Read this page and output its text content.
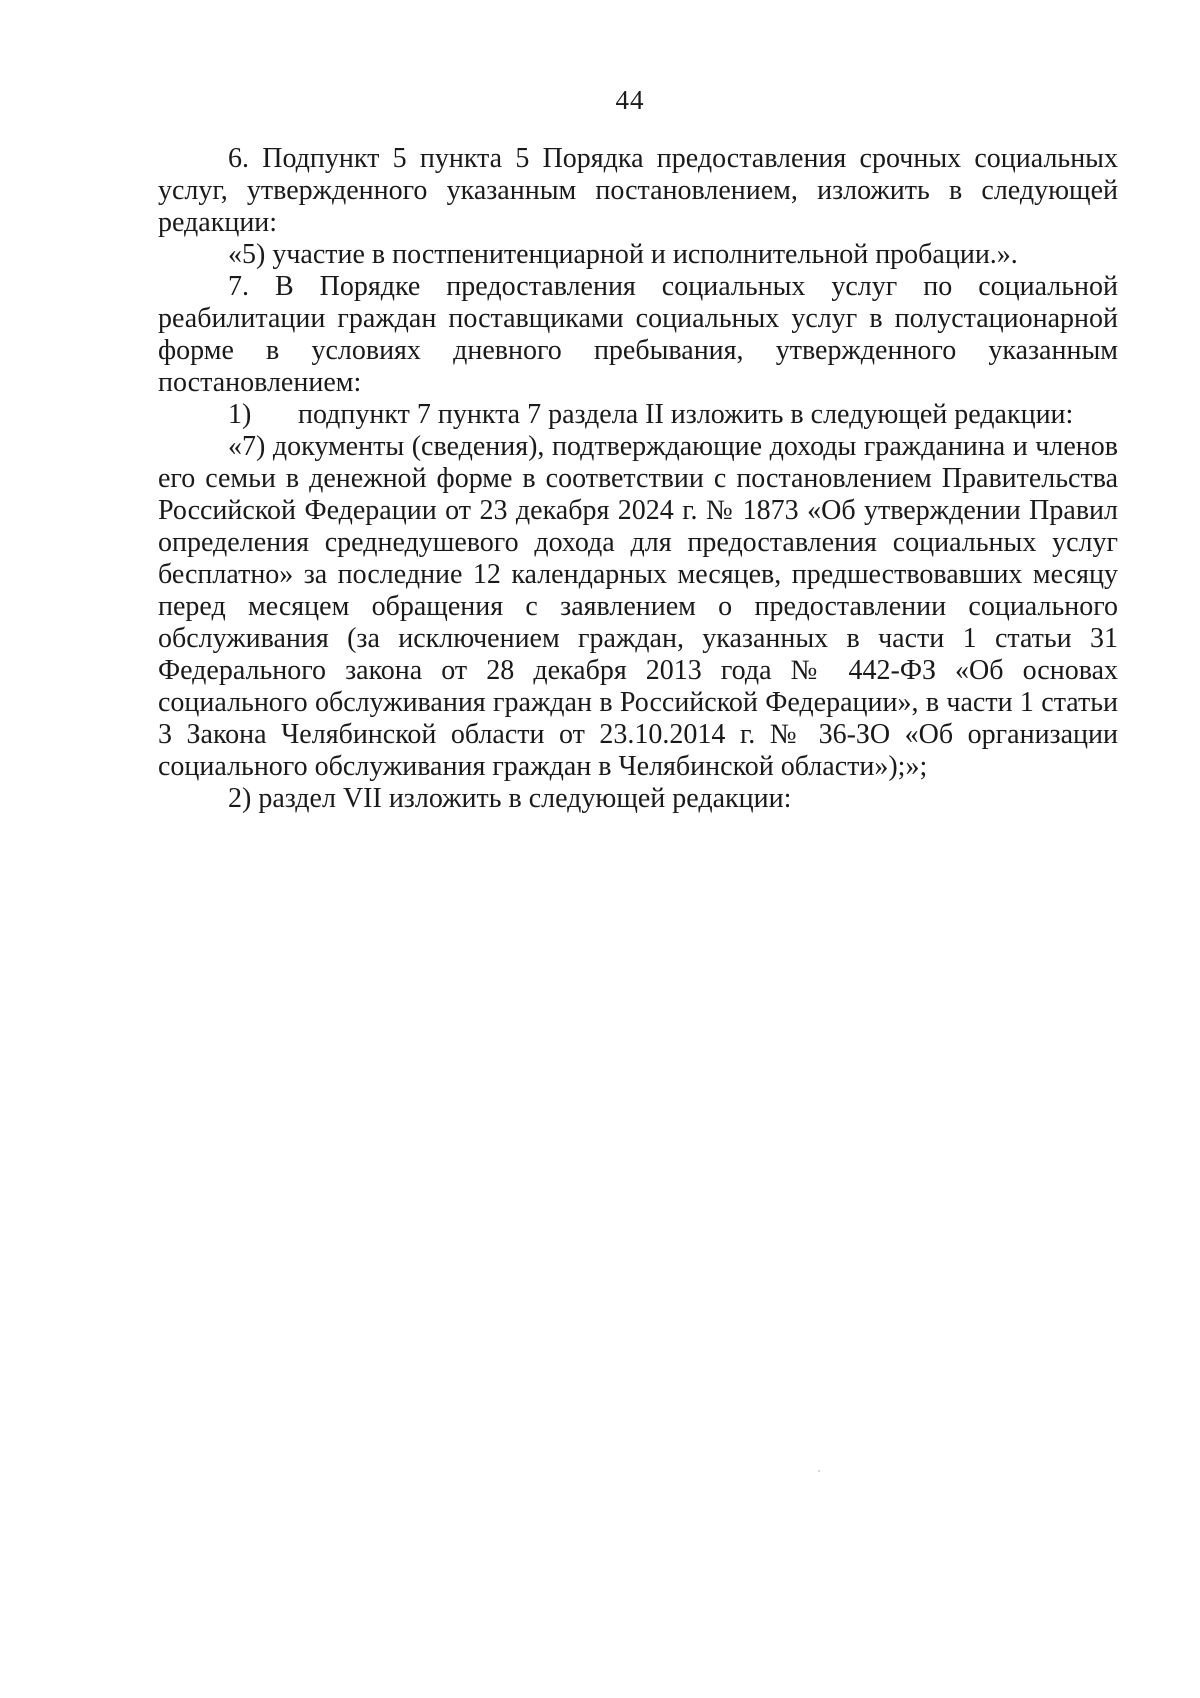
44

6. Подпункт 5 пункта 5 Порядка предоставления срочных социальных услуг, утвержденного указанным постановлением, изложить в следующей редакции:

«5) участие в постпенитенциарной и исполнительной пробации.».

7. В Порядке предоставления социальных услуг по социальной реабилитации граждан поставщиками социальных услуг в полустационарной форме в условиях дневного пребывания, утвержденного указанным постановлением:

1) подпункт 7 пункта 7 раздела II изложить в следующей редакции:

«7) документы (сведения), подтверждающие доходы гражданина и членов его семьи в денежной форме в соответствии с постановлением Правительства Российской Федерации от 23 декабря 2024 г. № 1873 «Об утверждении Правил определения среднедушевого дохода для предоставления социальных услуг бесплатно» за последние 12 календарных месяцев, предшествовавших месяцу перед месяцем обращения с заявлением о предоставлении социального обслуживания (за исключением граждан, указанных в части 1 статьи 31 Федерального закона от 28 декабря 2013 года № 442-ФЗ «Об основах социального обслуживания граждан в Российской Федерации», в части 1 статьи 3 Закона Челябинской области от 23.10.2014 г. № 36-ЗО «Об организации социального обслуживания граждан в Челябинской области»);»;

2) раздел VII изложить в следующей редакции:
